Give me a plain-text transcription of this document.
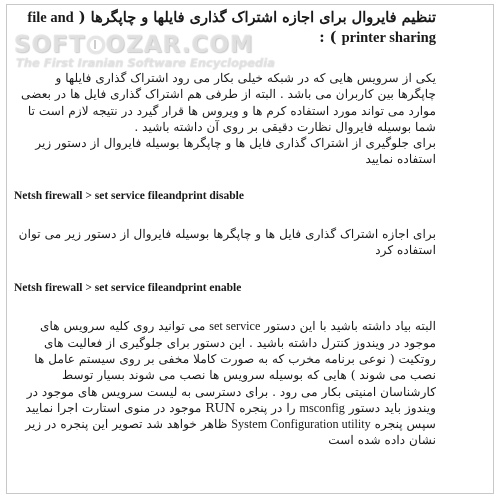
تنظیم فایروال برای اجازه اشتراک گذاری فایلها و چاپگرها ( file and
printer sharing ) :

یکی از سرویس هایی که در شبکه خیلی بکار می رود اشتراک گذاری فایلها و چاپگرها بین کاربران می باشد . البته از طرفی هم اشتراک گذاری فایل ها در بعضی موارد می تواند مورد استفاده کرم ها و ویروس ها قرار گیرد در نتیجه لازم است تا شما بوسیله فایروال نظارت دقیقی بر روی آن داشته باشید .

برای جلوگیری از اشتراک گذاری فایل ها و چاپگرها بوسیله فایروال از دستور زیر استفاده نمایید

Netsh firewall > set service fileandprint disable

برای اجازه اشتراک گذاری فایل ها و چاپگرها بوسیله فایروال از دستور زیر می توان استفاده کرد

Netsh firewall > set service fileandprint enable

البته بیاد داشته باشید با این دستور set service می توانید روی کلیه سرویس های موجود در ویندوز کنترل داشته باشید . این دستور برای جلوگیری از فعالیت های روتکیت ( نوعی برنامه مخرب که به صورت کاملا مخفی بر روی سیستم عامل ها نصب می شوند ) هایی که بوسیله سرویس ها نصب می شوند بسیار توسط کارشناسان امنیتی بکار می رود . برای دسترسی به لیست سرویس های موجود در ویندوز باید دستور msconfig را در پنجره RUN موجود در منوی استارت اجرا نمایید سپس پنجره System Configuration utility ظاهر خواهد شد تصویر این پنجره در زیر نشان داده شده است

SOFT OZAR.COM
The First Iranian Software Encyclopedia
